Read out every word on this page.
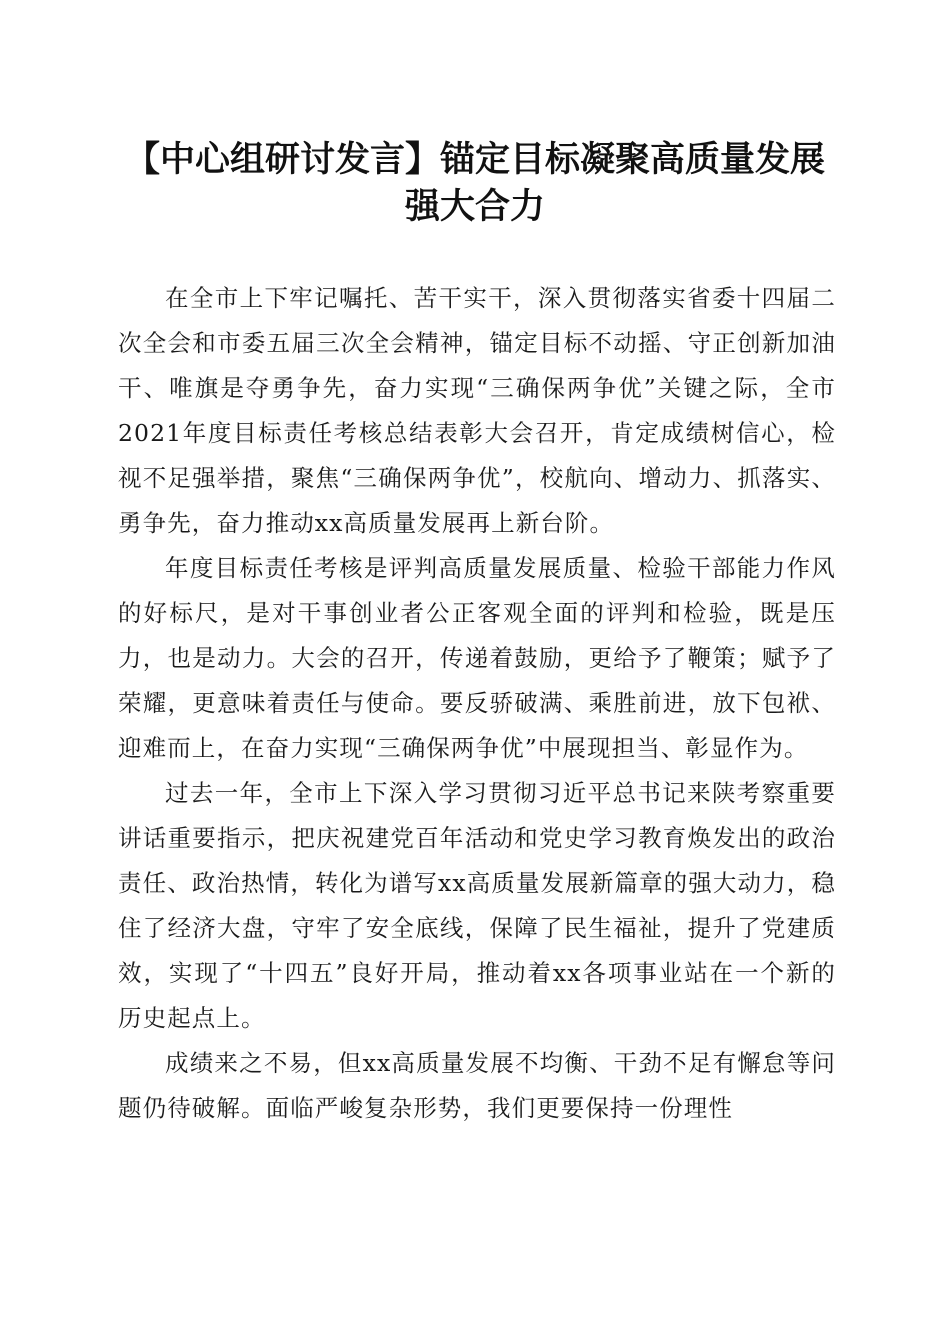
【中心组研讨发言】锚定目标凝聚高质量发展
强大合力

在全市上下牢记嘱托、苦干实干，深入贯彻落实省委十四届二次全会和市委五届三次全会精神，锚定目标不动摇、守正创新加油干、唯旗是夺勇争先，奋力实现“三确保两争优”关键之际，全市2021年度目标责任考核总结表彰大会召开，肯定成绩树信心，检视不足强举措，聚焦“三确保两争优”，校航向、增动力、抓落实、勇争先，奋力推动xx高质量发展再上新台阶。

年度目标责任考核是评判高质量发展质量、检验干部能力作风的好标尺，是对干事创业者公正客观全面的评判和检验，既是压力，也是动力。大会的召开，传递着鼓励，更给予了鞭策；赋予了荣耀，更意味着责任与使命。要反骄破满、乘胜前进，放下包袱、迎难而上，在奋力实现“三确保两争优”中展现担当、彰显作为。

过去一年，全市上下深入学习贯彻习近平总书记来陕考察重要讲话重要指示，把庆祝建党百年活动和党史学习教育焕发出的政治责任、政治热情，转化为谱写xx高质量发展新篇章的强大动力，稳住了经济大盘，守牢了安全底线，保障了民生福祉，提升了党建质效，实现了“十四五”良好开局，推动着xx各项事业站在一个新的历史起点上。

成绩来之不易，但xx高质量发展不均衡、干劲不足有懈怠等问题仍待破解。面临严峻复杂形势，我们更要保持一份理性
